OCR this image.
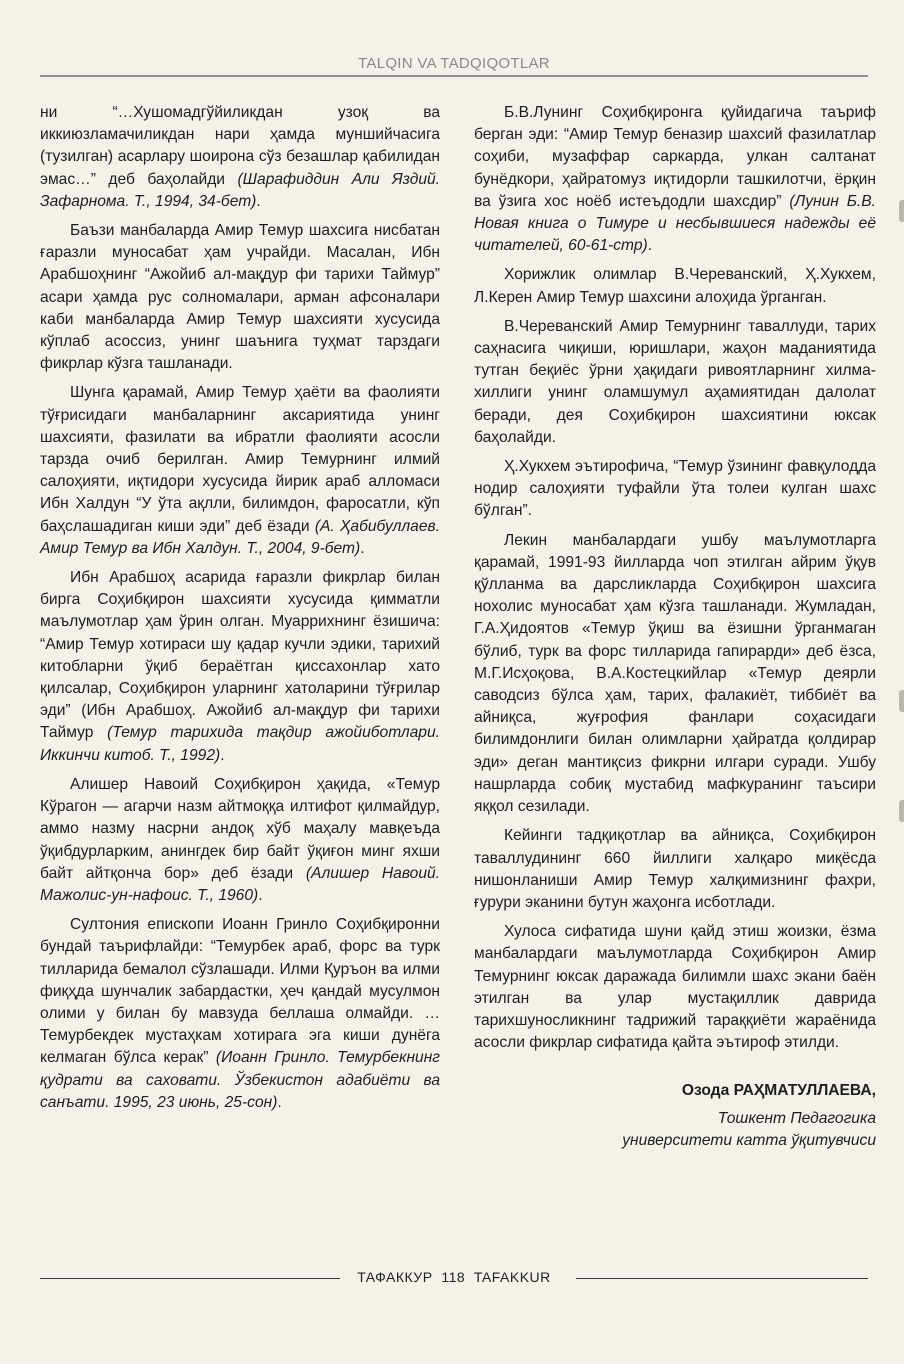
TALQIN VA TADQIQOTLAR

ни “…Хушомадгўйиликдан узоқ ва иккиюзламачиликдан нари ҳамда муншийчасига (тузилган) асарлару шоирона сўз безашлар қабилидан эмас…” деб баҳолайди (Шарафиддин Али Яздий. Зафарнома. Т., 1994, 34-бет).

Баъзи манбаларда Амир Темур шахсига нисбатан ғаразли муносабат ҳам учрайди. Масалан, Ибн Арабшоҳнинг “Ажойиб ал-мақдур фи тарихи Таймур” асари ҳамда рус солномалари, арман афсоналари каби манбаларда Амир Темур шахсияти хусусида кўплаб асоссиз, унинг шаънига туҳмат тарздаги фикрлар кўзга ташланади.

Шунга қарамай, Амир Темур ҳаёти ва фаолияти тўғрисидаги манбаларнинг аксариятида унинг шахсияти, фазилати ва ибратли фаолияти асосли тарзда очиб берилган. Амир Темурнинг илмий салоҳияти, иқтидори хусусида йирик араб алломаси Ибн Халдун “У ўта ақлли, билимдон, фаросатли, кўп баҳслашадиган киши эди” деб ёзади (А. Ҳабибуллаев. Амир Темур ва Ибн Халдун. Т., 2004, 9-бет).

Ибн Арабшоҳ асарида ғаразли фикрлар билан бирга Соҳибқирон шахсияти хусусида қимматли маълумотлар ҳам ўрин олган. Муаррихнинг ёзишича: “Амир Темур хотираси шу қадар кучли эдики, тарихий китобларни ўқиб бераётган қиссахонлар хато қилсалар, Соҳибқирон уларнинг хатоларини тўғрилар эди” (Ибн Арабшоҳ. Ажойиб ал-мақдур фи тарихи Таймур (Темур тарихида тақдир ажойиботлари. Иккинчи китоб. Т., 1992).

Алишер Навоий Соҳибқирон ҳақида, «Темур Кўрагон — агарчи назм айтмоққа илтифот қилмайдур, аммо назму насрни андоқ хўб маҳалу мавқеъда ўқибдурларким, анингдек бир байт ўқиғон минг яхши байт айтқонча бор» деб ёзади (Алишер Навоий. Мажолис-ун-нафоис. Т., 1960).

Султония епископи Иоанн Гринло Соҳибқиронни бундай таърифлайди: “Темурбек араб, форс ва турк тилларида бемалол сўзлашади. Илми Қуръон ва илми фиқҳда шунчалик забардастки, ҳеч қандай мусулмон олими у билан бу мавзуда беллаша олмайди. …Темурбекдек мустаҳкам хотирага эга киши дунёга келмаган бўлса керак” (Иоанн Гринло. Темурбекнинг қудрати ва саховати. Ўзбекистон адабиёти ва санъати. 1995, 23 июнь, 25-сон).

Б.В.Лунинг Соҳибқиронга қуйидагича таъриф берган эди: “Амир Темур беназир шахсий фазилатлар соҳиби, музаффар саркарда, улкан салтанат бунёдкори, ҳайратомуз иқтидорли ташкилотчи, ёрқин ва ўзига хос ноёб истеъдодли шахсдир” (Лунин Б.В. Новая книга о Тимуре и несбывшиеся надежды её читателей, 60-61-стр).

Хорижлик олимлар В.Череванский, Ҳ.Хукхем, Л.Керен Амир Темур шахсини алоҳида ўрганган.

В.Череванский Амир Темурнинг таваллуди, тарих саҳнасига чиқиши, юришлари, жаҳон маданиятида тутган беқиёс ўрни ҳақидаги ривоятларнинг хилма-хиллиги унинг оламшумул аҳамиятидан далолат беради, дея Соҳибқирон шахсиятини юксак баҳолайди.

Ҳ.Хукхем эътирофича, “Темур ўзининг фавқулодда нодир салоҳияти туфайли ўта толеи кулган шахс бўлган”.

Лекин манбалардаги ушбу маълумотларга қарамай, 1991-93 йилларда чоп этилган айрим ўқув қўлланма ва дарсликларда Соҳибқирон шахсига нохолис муносабат ҳам кўзга ташланади. Жумладан, Г.А.Ҳидоятов «Темур ўқиш ва ёзишни ўрганмаган бўлиб, турк ва форс тилларида гапирарди» деб ёзса, М.Г.Исҳоқова, В.А.Костецкийлар «Темур деярли саводсиз бўлса ҳам, тарих, фалакиёт, тиббиёт ва айниқса, жуғрофия фанлари соҳасидаги билимдонлиги билан олимларни ҳайратда қолдирар эди» деган мантиқсиз фикрни илгари суради. Ушбу нашрларда собиқ мустабид мафкуранинг таъсири яққол сезилади.

Кейинги тадқиқотлар ва айниқса, Соҳибқирон таваллудининг 660 йиллиги халқаро миқёсда нишонланиши Амир Темур халқимизнинг фахри, ғурури эканини бутун жаҳонга исботлади.

Хулоса сифатида шуни қайд этиш жоизки, ёзма манбалардаги маълумотларда Соҳибқирон Амир Темурнинг юксак даражада билимли шахс экани баён этилган ва улар мустақиллик даврида тарихшуносликнинг тадрижий тараққиёти жараёнида асосли фикрлар сифатида қайта эътироф этилди.

Озода РАҲМАТУЛЛАЕВА,
Тошкент Педагогика
университети катта ўқитувчиси
ТАФАККУР  118  TAFAKKUR
